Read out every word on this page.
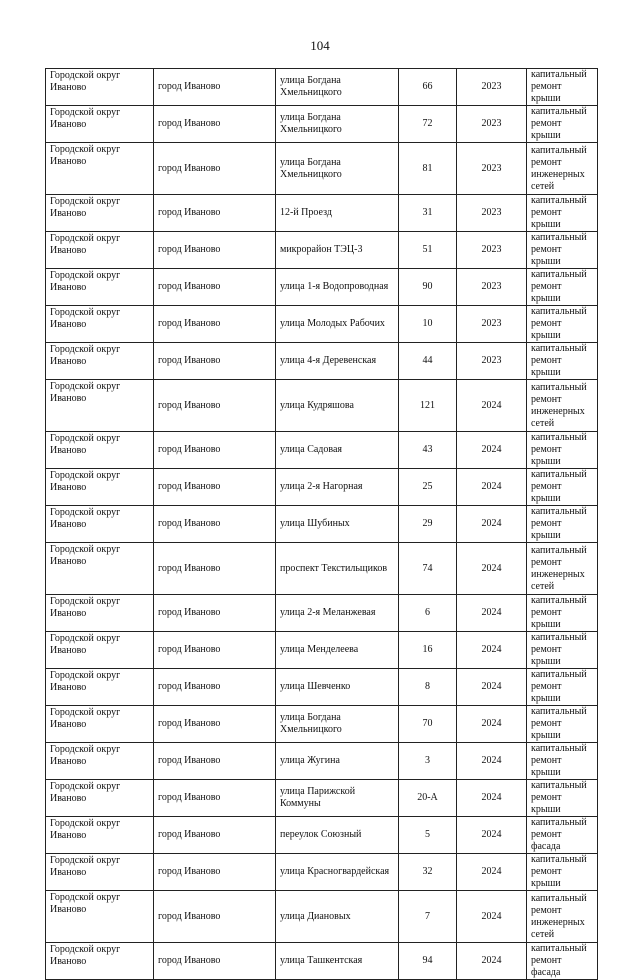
104
Городской округ Иваново	город Иваново	улица Богдана Хмельницкого	66	2023	капитальный ремонт крыши
Городской округ Иваново	город Иваново	улица Богдана Хмельницкого	72	2023	капитальный ремонт крыши
Городской округ Иваново	город Иваново	улица Богдана Хмельницкого	81	2023	капитальный ремонт инженерных сетей
Городской округ Иваново	город Иваново	12-й Проезд	31	2023	капитальный ремонт крыши
Городской округ Иваново	город Иваново	микрорайон ТЭЦ-3	51	2023	капитальный ремонт крыши
Городской округ Иваново	город Иваново	улица 1-я Водопроводная	90	2023	капитальный ремонт крыши
Городской округ Иваново	город Иваново	улица Молодых Рабочих	10	2023	капитальный ремонт крыши
Городской округ Иваново	город Иваново	улица 4-я Деревенская	44	2023	капитальный ремонт крыши
Городской округ Иваново	город Иваново	улица Кудряшова	121	2024	капитальный ремонт инженерных сетей
Городской округ Иваново	город Иваново	улица Садовая	43	2024	капитальный ремонт крыши
Городской округ Иваново	город Иваново	улица 2-я Нагорная	25	2024	капитальный ремонт крыши
Городской округ Иваново	город Иваново	улица Шубиных	29	2024	капитальный ремонт крыши
Городской округ Иваново	город Иваново	проспект Текстильщиков	74	2024	капитальный ремонт инженерных сетей
Городской округ Иваново	город Иваново	улица 2-я Меланжевая	6	2024	капитальный ремонт крыши
Городской округ Иваново	город Иваново	улица Менделеева	16	2024	капитальный ремонт крыши
Городской округ Иваново	город Иваново	улица Шевченко	8	2024	капитальный ремонт крыши
Городской округ Иваново	город Иваново	улица Богдана Хмельницкого	70	2024	капитальный ремонт крыши
Городской округ Иваново	город Иваново	улица Жугина	3	2024	капитальный ремонт крыши
Городской округ Иваново	город Иваново	улица Парижской Коммуны	20-А	2024	капитальный ремонт крыши
Городской округ Иваново	город Иваново	переулок Союзный	5	2024	капитальный ремонт фасада
Городской округ Иваново	город Иваново	улица Красногвардейская	32	2024	капитальный ремонт крыши
Городской округ Иваново	город Иваново	улица Диановых	7	2024	капитальный ремонт инженерных сетей
Городской округ Иваново	город Иваново	улица Ташкентская	94	2024	капитальный ремонт фасада
